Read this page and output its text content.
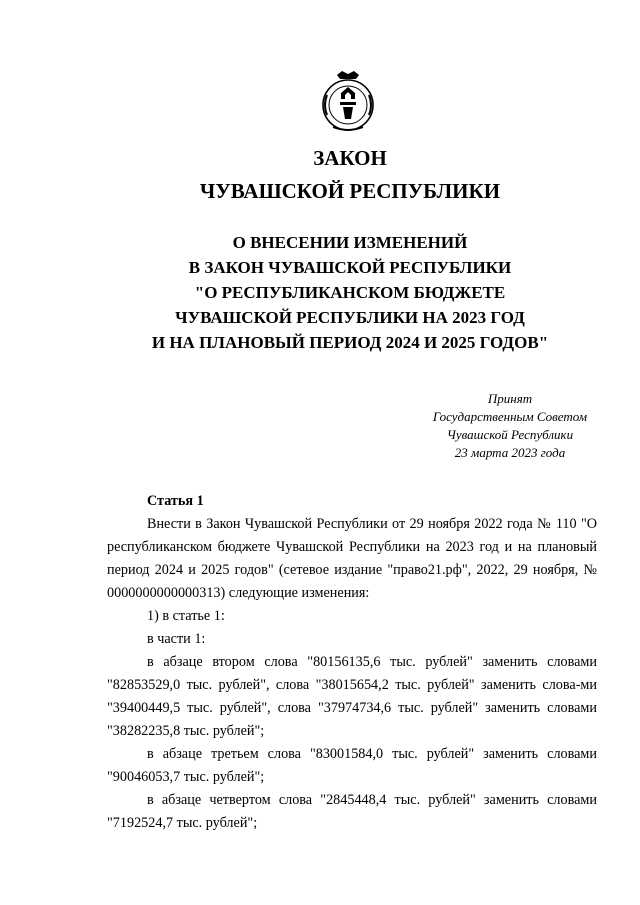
ЗАКОН
ЧУВАШСКОЙ РЕСПУБЛИКИ
О ВНЕСЕНИИ ИЗМЕНЕНИЙ
В ЗАКОН ЧУВАШСКОЙ РЕСПУБЛИКИ
"О РЕСПУБЛИКАНСКОМ БЮДЖЕТЕ
ЧУВАШСКОЙ РЕСПУБЛИКИ НА 2023 ГОД
И НА ПЛАНОВЫЙ ПЕРИОД 2024 И 2025 ГОДОВ"
Принят
Государственным Советом
Чувашской Республики
23 марта 2023 года
Статья 1
Внести в Закон Чувашской Республики от 29 ноября 2022 года № 110 "О республиканском бюджете Чувашской Республики на 2023 год и на плановый период 2024 и 2025 годов" (сетевое издание "право21.рф", 2022, 29 ноября, № 0000000000000313) следующие изменения:
1) в статье 1:
в части 1:
в абзаце втором слова "80156135,6 тыс. рублей" заменить словами "82853529,0 тыс. рублей", слова "38015654,2 тыс. рублей" заменить слова-ми "39400449,5 тыс. рублей", слова "37974734,6 тыс. рублей" заменить словами "38282235,8 тыс. рублей";
в абзаце третьем слова "83001584,0 тыс. рублей" заменить словами "90046053,7 тыс. рублей";
в абзаце четвертом слова "2845448,4 тыс. рублей" заменить словами "7192524,7 тыс. рублей";
